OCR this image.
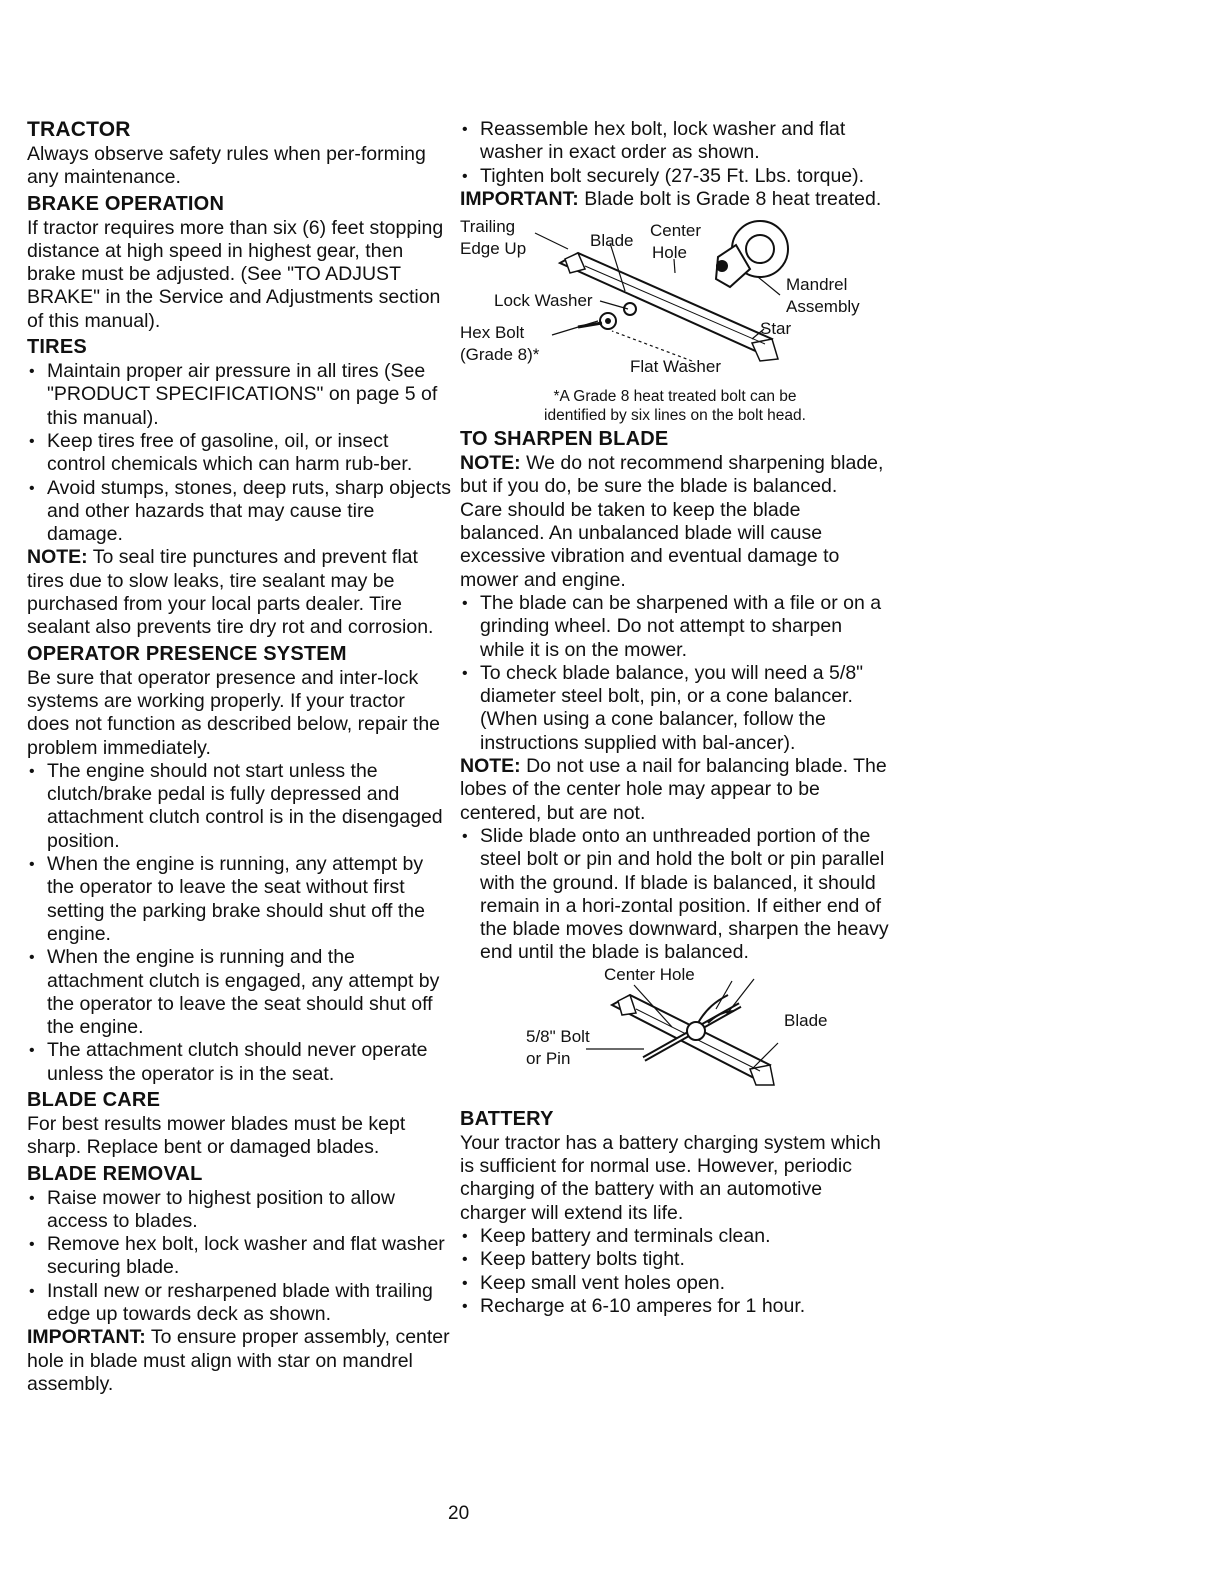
TRACTOR

Always observe safety rules when per-forming any maintenance.

BRAKE OPERATION

If tractor requires more than six (6) feet stopping distance at high speed in highest gear, then brake must be adjusted. (See "TO ADJUST BRAKE" in the Service and Adjustments section of this manual).

TIRES
• Maintain proper air pressure in all tires (See "PRODUCT SPECIFICATIONS" on page 5 of this manual).
• Keep tires free of gasoline, oil, or insect control chemicals which can harm rub-ber.
• Avoid stumps, stones, deep ruts, sharp objects and other hazards that may cause tire damage.

NOTE: To seal tire punctures and prevent flat tires due to slow leaks, tire sealant may be purchased from your local parts dealer. Tire sealant also prevents tire dry rot and corrosion.

OPERATOR PRESENCE SYSTEM

Be sure that operator presence and inter-lock systems are working properly. If your tractor does not function as described below, repair the problem immediately.

• The engine should not start unless the clutch/brake pedal is fully depressed and attachment clutch control is in the disengaged position.
• When the engine is running, any attempt by the operator to leave the seat without first setting the parking brake should shut off the engine.
• When the engine is running and the attachment clutch is engaged, any attempt by the operator to leave the seat should shut off the engine.
• The attachment clutch should never operate unless the operator is in the seat.
BLADE CARE

For best results mower blades must be kept sharp. Replace bent or damaged blades.

BLADE REMOVAL
• Raise mower to highest position to allow access to blades.
• Remove hex bolt, lock washer and flat washer securing blade.
• Install new or resharpened blade with trailing edge up towards deck as shown.

IMPORTANT: To ensure proper assembly, center hole in blade must align with star on mandrel assembly.

• Reassemble hex bolt, lock washer and flat washer in exact order as shown.
• Tighten bolt securely (27-35 Ft. Lbs. torque).

IMPORTANT: Blade bolt is Grade 8 heat treated.

Trailing
Edge Up	Blade
Center
Hole
Mandrel
Assembly
Lock Washer
Hex Bolt
(Grade 8)*
Star
Flat Washer
*A Grade 8 heat treated bolt can be
identified by six lines on the bolt head.
TO SHARPEN BLADE

NOTE: We do not recommend sharpening blade, but if you do, be sure the blade is balanced.

Care should be taken to keep the blade balanced. An unbalanced blade will cause excessive vibration and eventual damage to mower and engine.

• The blade can be sharpened with a file or on a grinding wheel. Do not attempt to sharpen while it is on the mower.
• To check blade balance, you will need a 5/8" diameter steel bolt, pin, or a cone balancer. (When using a cone balancer, follow the instructions supplied with bal-ancer).

NOTE: Do not use a nail for balancing blade. The lobes of the center hole may appear to be centered, but are not.

• Slide blade onto an unthreaded portion of the steel bolt or pin and hold the bolt or pin parallel with the ground. If blade is balanced, it should remain in a hori-zontal position. If either end of the blade moves downward, sharpen the heavy end until the blade is balanced.
Center Hole
Blade
5/8" Bolt
or Pin
BATTERY

Your tractor has a battery charging system which is sufficient for normal use. However, periodic charging of the battery with an automotive charger will extend its life.

• Keep battery and terminals clean.
• Keep battery bolts tight.
• Keep small vent holes open.
• Recharge at 6-10 amperes for 1 hour.
20
